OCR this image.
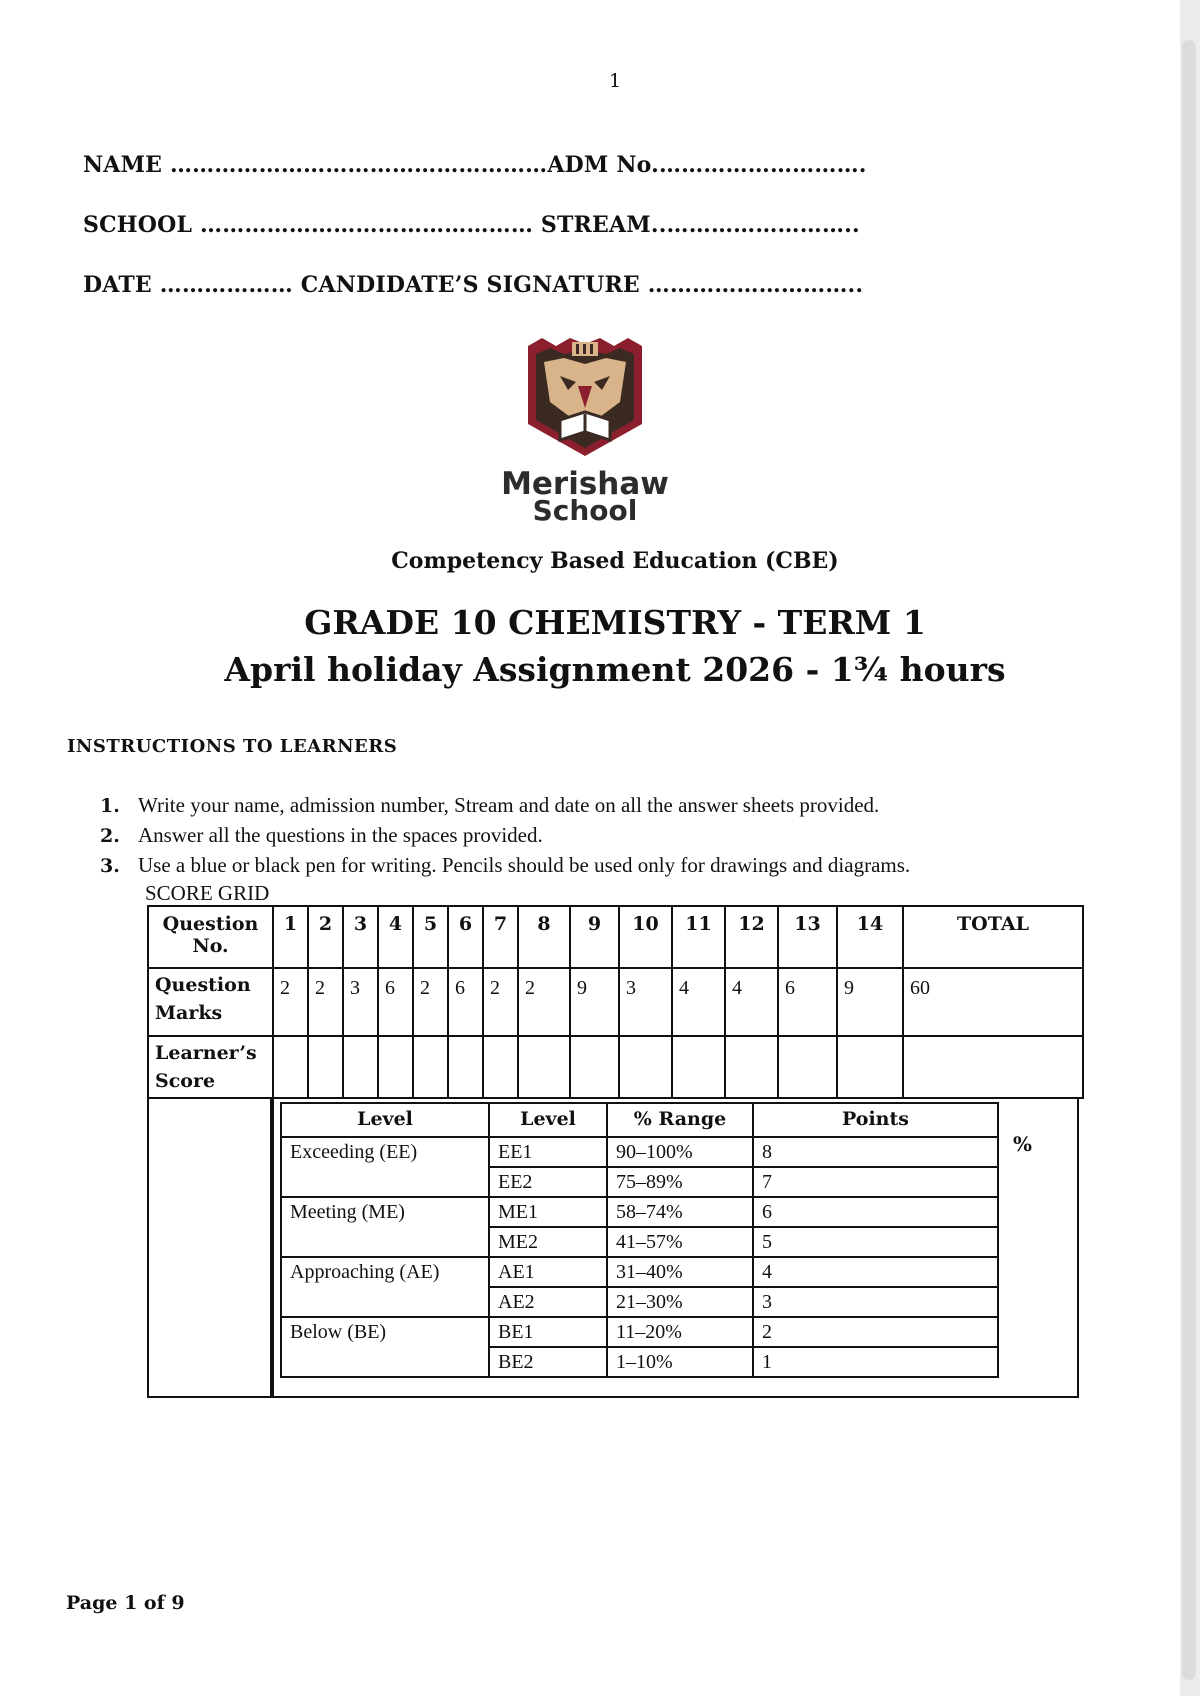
1
NAME ……………………………………………ADM No.……………………….
SCHOOL ……………………………………… STREAM..……………………..
DATE ……………… CANDIDATE’S SIGNATURE ………………………..
Merishaw
School
Competency Based Education (CBE)
GRADE 10 CHEMISTRY - TERM 1
April holiday Assignment 2026 - 1¾ hours
INSTRUCTIONS TO LEARNERS
1. Write your name, admission number, Stream and date on all the answer sheets provided.
2. Answer all the questions in the spaces provided.
3. Use a blue or black pen for writing. Pencils should be used only for drawings and diagrams.
SCORE GRID
Question No.	1	2	3	4	5	6	7	8	9	10	11	12	13	14	TOTAL
Question Marks	2	2	3	6	2	6	2	2	9	3	4	4	6	9	60
Learner’s Score															
Level	Level	% Range	Points
Exceeding (EE)	EE1	90–100%	8
	EE2	75–89%	7
Meeting (ME)	ME1	58–74%	6
	ME2	41–57%	5
Approaching (AE)	AE1	31–40%	4
	AE2	21–30%	3
Below (BE)	BE1	11–20%	2
	BE2	1–10%	1
%
Page 1 of 9
